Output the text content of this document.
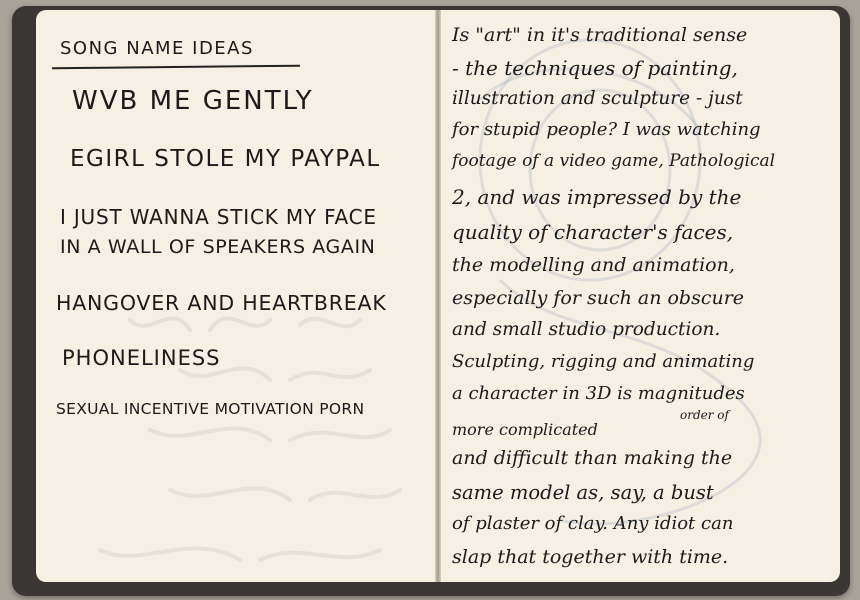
SONG NAME IDEAS
WVB ME GENTLY
EGIRL STOLE MY PAYPAL
I JUST WANNA STICK MY FACE
IN A WALL OF SPEAKERS AGAIN
HANGOVER AND HEARTBREAK
PHONELINESS
SEXUAL INCENTIVE MOTIVATION PORN
Is "art" in it's traditional sense
- the techniques of painting,
illustration and sculpture - just
for stupid people? I was watching
footage of a video game, Pathological
2, and was impressed by the
quality of character's faces,
the modelling and animation,
especially for such an obscure
and small studio production.
Sculpting, rigging and animating
a character in 3D is magnitudes
order of
more complicated
and difficult than making the
same model as, say, a bust
of plaster of clay. Any idiot can
slap that together with time.
